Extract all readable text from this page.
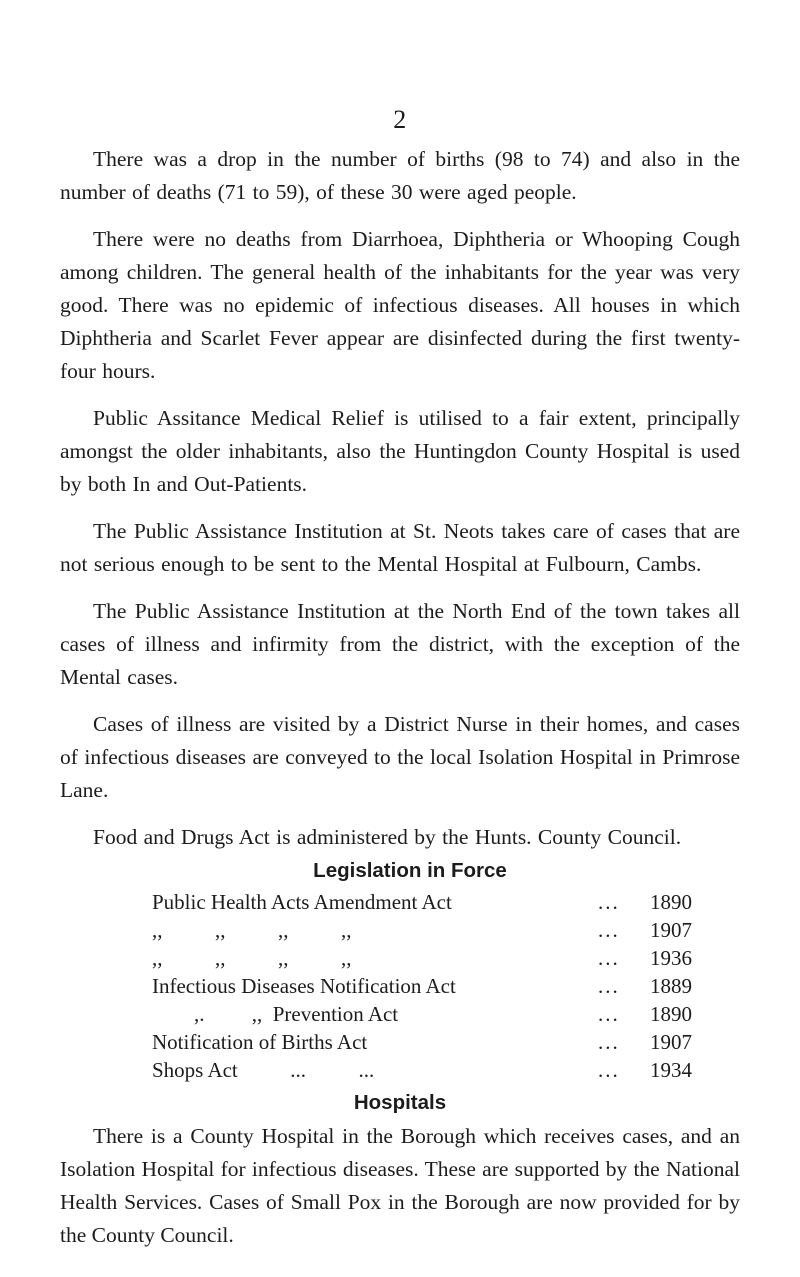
2

There was a drop in the number of births (98 to 74) and also in the number of deaths (71 to 59), of these 30 were aged people.

There were no deaths from Diarrhoea, Diphtheria or Whooping Cough among children. The general health of the inhabitants for the year was very good. There was no epidemic of infectious diseases. All houses in which Diphtheria and Scarlet Fever appear are disinfected during the first twenty-four hours.

Public Assitance Medical Relief is utilised to a fair extent, principally amongst the older inhabitants, also the Huntingdon County Hospital is used by both In and Out-Patients.

The Public Assistance Institution at St. Neots takes care of cases that are not serious enough to be sent to the Mental Hospital at Fulbourn, Cambs.

The Public Assistance Institution at the North End of the town takes all cases of illness and infirmity from the district, with the exception of the Mental cases.

Cases of illness are visited by a District Nurse in their homes, and cases of infectious diseases are conveyed to the local Isolation Hospital in Primrose Lane.

Food and Drugs Act is administered by the Hunts. County Council.

Legislation in Force
Public Health Acts Amendment Act	...	1890
,,          ,,          ,,          ,,	...	1907
,,          ,,          ,,          ,,	...	1936
Infectious Diseases Notification Act	...	1889
,.         ,,  Prevention Act	...	1890
Notification of Births Act	...	1907
Shops Act          ...          ...	...	1934
Hospitals

There is a County Hospital in the Borough which receives cases, and an Isolation Hospital for infectious diseases. These are supported by the National Health Services. Cases of Small Pox in the Borough are now provided for by the County Council.
